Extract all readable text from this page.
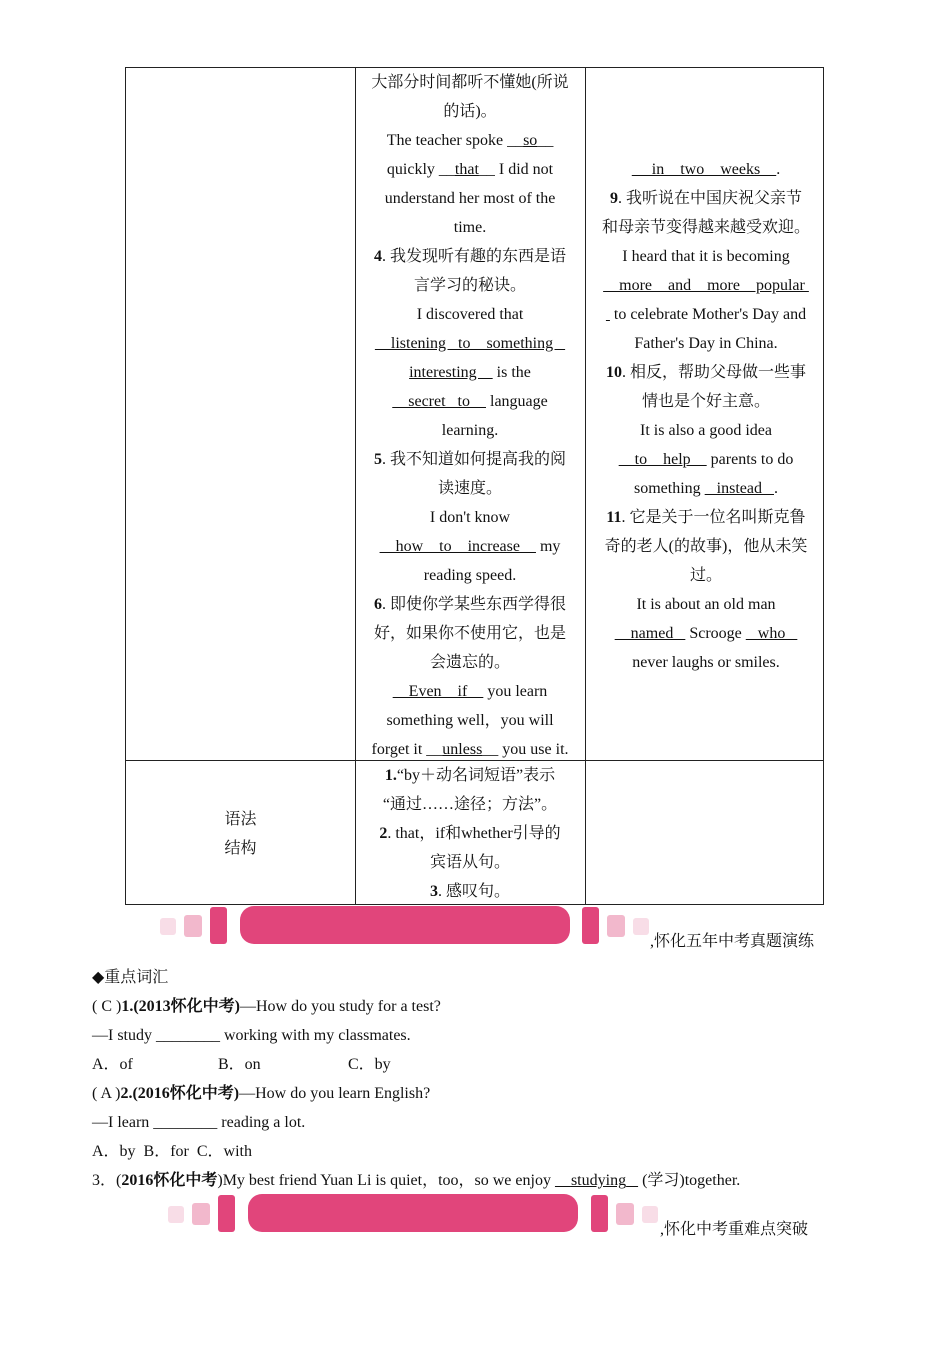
大部分时间都听不懂她(所说
的话)。
The teacher spoke __so__
quickly __that__ I did not
understand her most of the
time.
4. 我发现听有趣的东西是语
言学习的秘诀。
I discovered that
listening   to    something
interesting     is the
secret   to     language
learning.
5. 我不知道如何提高我的阅
读速度。
I don't know
how    to    increase     my
reading speed.
6. 即使你学某些东西学得很
好，如果你不使用它，也是
会遗忘的。
Even    if     you learn
something well，you will
forget it __unless__ you use it.
in    two    weeks    .
9. 我听说在中国庆祝父亲节
和母亲节变得越来越受欢迎。
I heard that it is becoming
more    and    more    popular
to celebrate Mother's Day and
Father's Day in China.
10. 相反，帮助父母做一些事
情也是个好主意。
It is also a good idea
to    help     parents to do
something    instead   .
11. 它是关于一位名叫斯克鲁
奇的老人(的故事)，他从未笑
过。
It is about an old man
named    Scrooge    who
never laughs or smiles.
语法
结构
1.“by＋动名词短语”表示
“通过……途径；方法”。
2. that，if和whether引导的
宾语从句。
3. 感叹句。
,怀化五年中考真题演练
◆重点词汇
( C )1.(2013怀化中考)—How do you study for a test?
—I study ________ working with my classmates.
A．of	B．on	C．by
( A )2.(2016怀化中考)—How do you learn English?
—I learn ________ reading a lot.
A．by  B．for  C．with
3．(2016怀化中考)My best friend Yuan Li is quiet，too，so we enjoy studying (学习)together.
,怀化中考重难点突破
